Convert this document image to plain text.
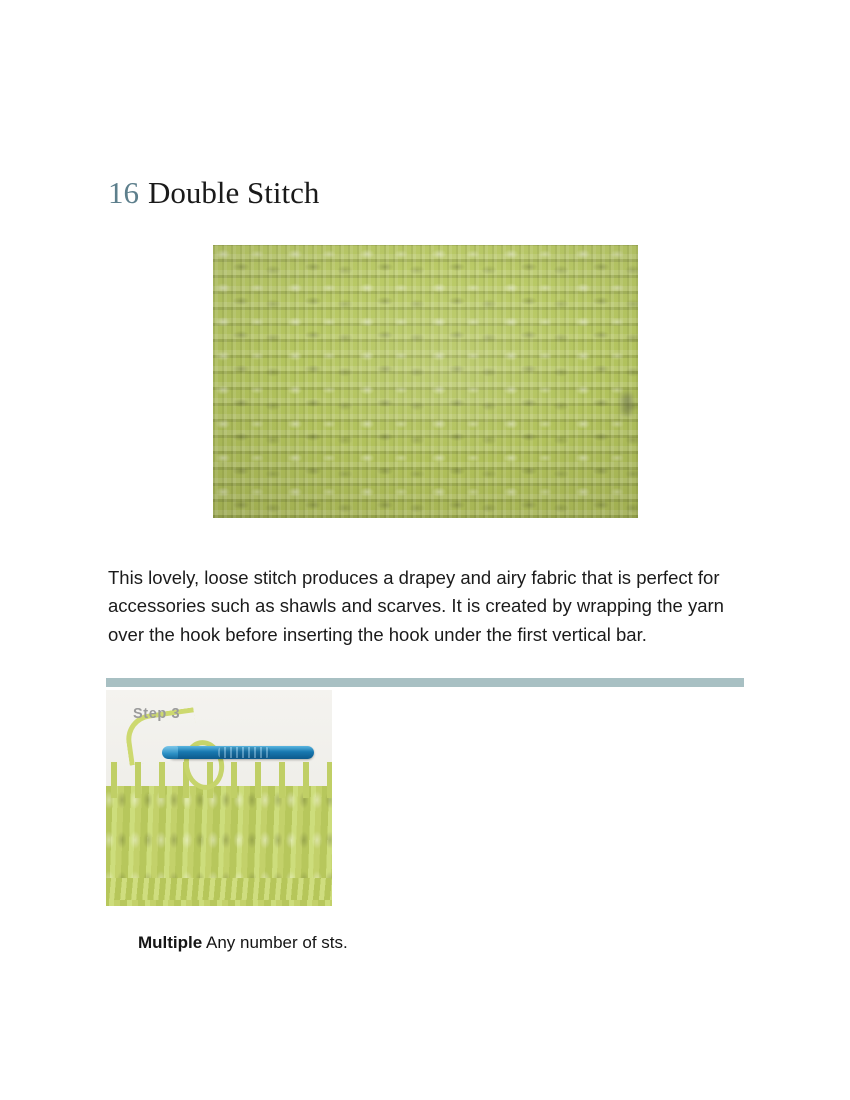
16 Double Stitch

This lovely, loose stitch produces a drapey and airy fabric that is perfect for accessories such as shawls and scarves. It is created by wrapping the yarn over the hook before inserting the hook under the first vertical bar.

Step 3
Multiple Any number of sts.
